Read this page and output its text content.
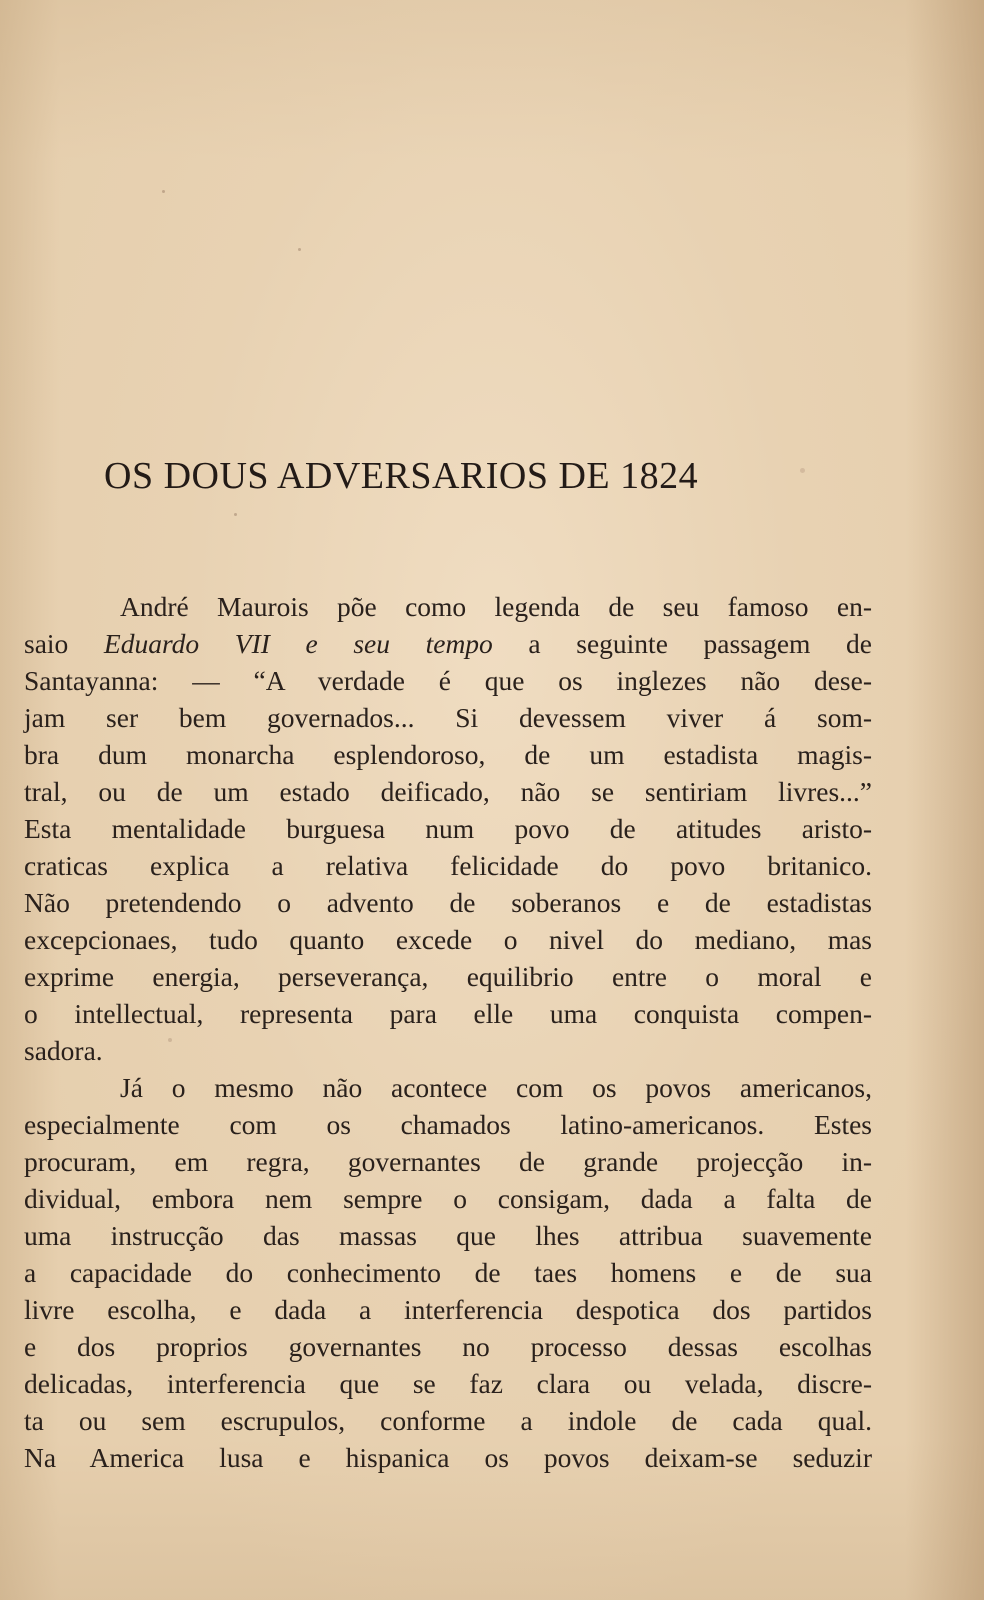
OS DOUS ADVERSARIOS DE 1824
André Maurois põe como legenda de seu famoso en-
saio Eduardo VII e seu tempo a seguinte passagem de
Santayanna: — “A verdade é que os inglezes não dese-
jam ser bem governados... Si devessem viver á som-
bra dum monarcha esplendoroso, de um estadista magis-
tral, ou de um estado deificado, não se sentiriam livres...”
Esta mentalidade burguesa num povo de atitudes aristo-
craticas explica a relativa felicidade do povo britanico.
Não pretendendo o advento de soberanos e de estadistas
excepcionaes, tudo quanto excede o nivel do mediano, mas
exprime energia, perseverança, equilibrio entre o moral e
o intellectual, representa para elle uma conquista compen-
sadora.
Já o mesmo não acontece com os povos americanos,
especialmente com os chamados latino-americanos. Estes
procuram, em regra, governantes de grande projecção in-
dividual, embora nem sempre o consigam, dada a falta de
uma instrucção das massas que lhes attribua suavemente
a capacidade do conhecimento de taes homens e de sua
livre escolha, e dada a interferencia despotica dos partidos
e dos proprios governantes no processo dessas escolhas
delicadas, interferencia que se faz clara ou velada, discre-
ta ou sem escrupulos, conforme a indole de cada qual.
Na America lusa e hispanica os povos deixam-se seduzir
